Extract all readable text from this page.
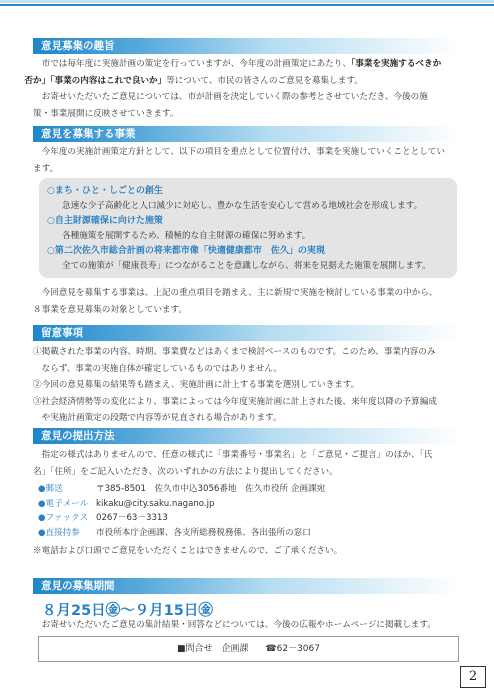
意見募集の趣旨
市では毎年度に実施計画の策定を行っていますが、今年度の計画策定にあたり、「事業を実施するべきか
否か」「事業の内容はこれで良いか」等について、市民の皆さんのご意見を募集します。
お寄せいただいたご意見については、市が計画を決定していく際の参考とさせていただき、今後の施
策・事業展開に反映させていきます。
意見を募集する事業
今年度の実施計画策定方針として、以下の項目を重点として位置付け、事業を実施していくこととしてい
ます。
○まち・ひと・しごとの創生
急速な少子高齢化と人口減少に対応し、豊かな生活を安心して営める地域社会を形成します。
○自主財源確保に向けた施策
各種施策を展開するため、積極的な自主財源の確保に努めます。
○第二次佐久市総合計画の将来都市像「快適健康都市　佐久」の実現
全ての施策が「健康長寿」につながることを意識しながら、将来を見据えた施策を展開します。
今回意見を募集する事業は、上記の重点項目を踏まえ、主に新規で実施を検討している事業の中から、
８事業を意見募集の対象としています。
留意事項
①掲載された事業の内容、時期、事業費などはあくまで検討ベースのものです。このため、事業内容のみ
ならず、事業の実施自体が確定しているものではありません。
②今回の意見募集の結果等も踏まえ、実施計画に計上する事業を選別していきます。
③社会経済情勢等の変化により、事業によっては今年度実施計画に計上された後、来年度以降の予算編成
や実施計画策定の段階で内容等が見直される場合があります。
意見の提出方法
指定の様式はありませんので、任意の様式に「事業番号・事業名」と「ご意見・ご提言」のほか、「氏
名」「住所」をご記入いただき、次のいずれかの方法により提出してください。
●郵送	〒385-8501　佐久市中込3056番地　佐久市役所 企画課宛
●電子メール kikaku@city.saku.nagano.jp
●ファックス 0267－63－3313
●直接持参	市役所本庁企画課、各支所総務税務係、各出張所の窓口
※電話および口頭でご意見をいただくことはできませんので、ご了承ください。
意見の募集期間
８月25日㊎～９月15日㊎
お寄せいただいたご意見の集計結果・回答などについては、今後の広報やホームページに掲載します。
■問合せ　企画課 ☎62－3067
2
